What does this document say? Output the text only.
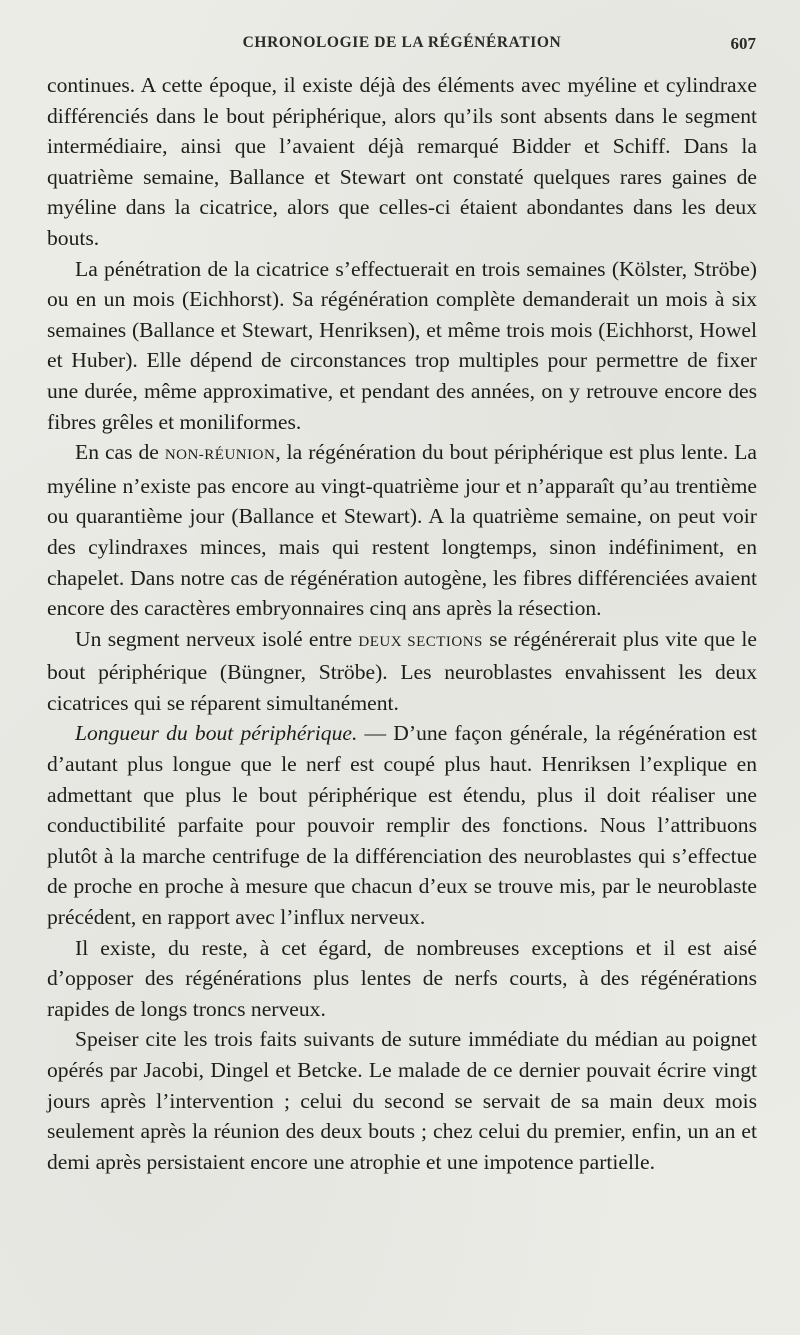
CHRONOLOGIE DE LA RÉGÉNÉRATION	607

continues. A cette époque, il existe déjà des éléments avec myéline et cylindraxe différenciés dans le bout périphérique, alors qu’ils sont absents dans le segment intermédiaire, ainsi que l’avaient déjà remarqué Bidder et Schiff. Dans la quatrième semaine, Ballance et Stewart ont constaté quelques rares gaines de myéline dans la cicatrice, alors que celles-ci étaient abondantes dans les deux bouts.

La pénétration de la cicatrice s’effectuerait en trois semaines (Kölster, Ströbe) ou en un mois (Eichhorst). Sa régénération complète demanderait un mois à six semaines (Ballance et Stewart, Henriksen), et même trois mois (Eichhorst, Howel et Huber). Elle dépend de circonstances trop multiples pour permettre de fixer une durée, même approximative, et pendant des années, on y retrouve encore des fibres grêles et moniliformes.

En cas de NON-RÉUNION, la régénération du bout périphérique est plus lente. La myéline n’existe pas encore au vingt-quatrième jour et n’apparaît qu’au trentième ou quarantième jour (Ballance et Stewart). A la quatrième semaine, on peut voir des cylindraxes minces, mais qui restent longtemps, sinon indéfiniment, en chapelet. Dans notre cas de régénération autogène, les fibres différenciées avaient encore des caractères embryonnaires cinq ans après la résection.

Un segment nerveux isolé entre DEUX SECTIONS se régénérerait plus vite que le bout périphérique (Büngner, Ströbe). Les neuroblastes envahissent les deux cicatrices qui se réparent simultanément.

Longueur du bout périphérique. — D’une façon générale, la régénération est d’autant plus longue que le nerf est coupé plus haut. Henriksen l’explique en admettant que plus le bout périphérique est étendu, plus il doit réaliser une conductibilité parfaite pour pouvoir remplir des fonctions. Nous l’attribuons plutôt à la marche centrifuge de la différenciation des neuroblastes qui s’effectue de proche en proche à mesure que chacun d’eux se trouve mis, par le neuroblaste précédent, en rapport avec l’influx nerveux.

Il existe, du reste, à cet égard, de nombreuses exceptions et il est aisé d’opposer des régénérations plus lentes de nerfs courts, à des régénérations rapides de longs troncs nerveux.

Speiser cite les trois faits suivants de suture immédiate du médian au poignet opérés par Jacobi, Dingel et Betcke. Le malade de ce dernier pouvait écrire vingt jours après l’intervention ; celui du second se servait de sa main deux mois seulement après la réunion des deux bouts ; chez celui du premier, enfin, un an et demi après persistaient encore une atrophie et une impotence partielle.
